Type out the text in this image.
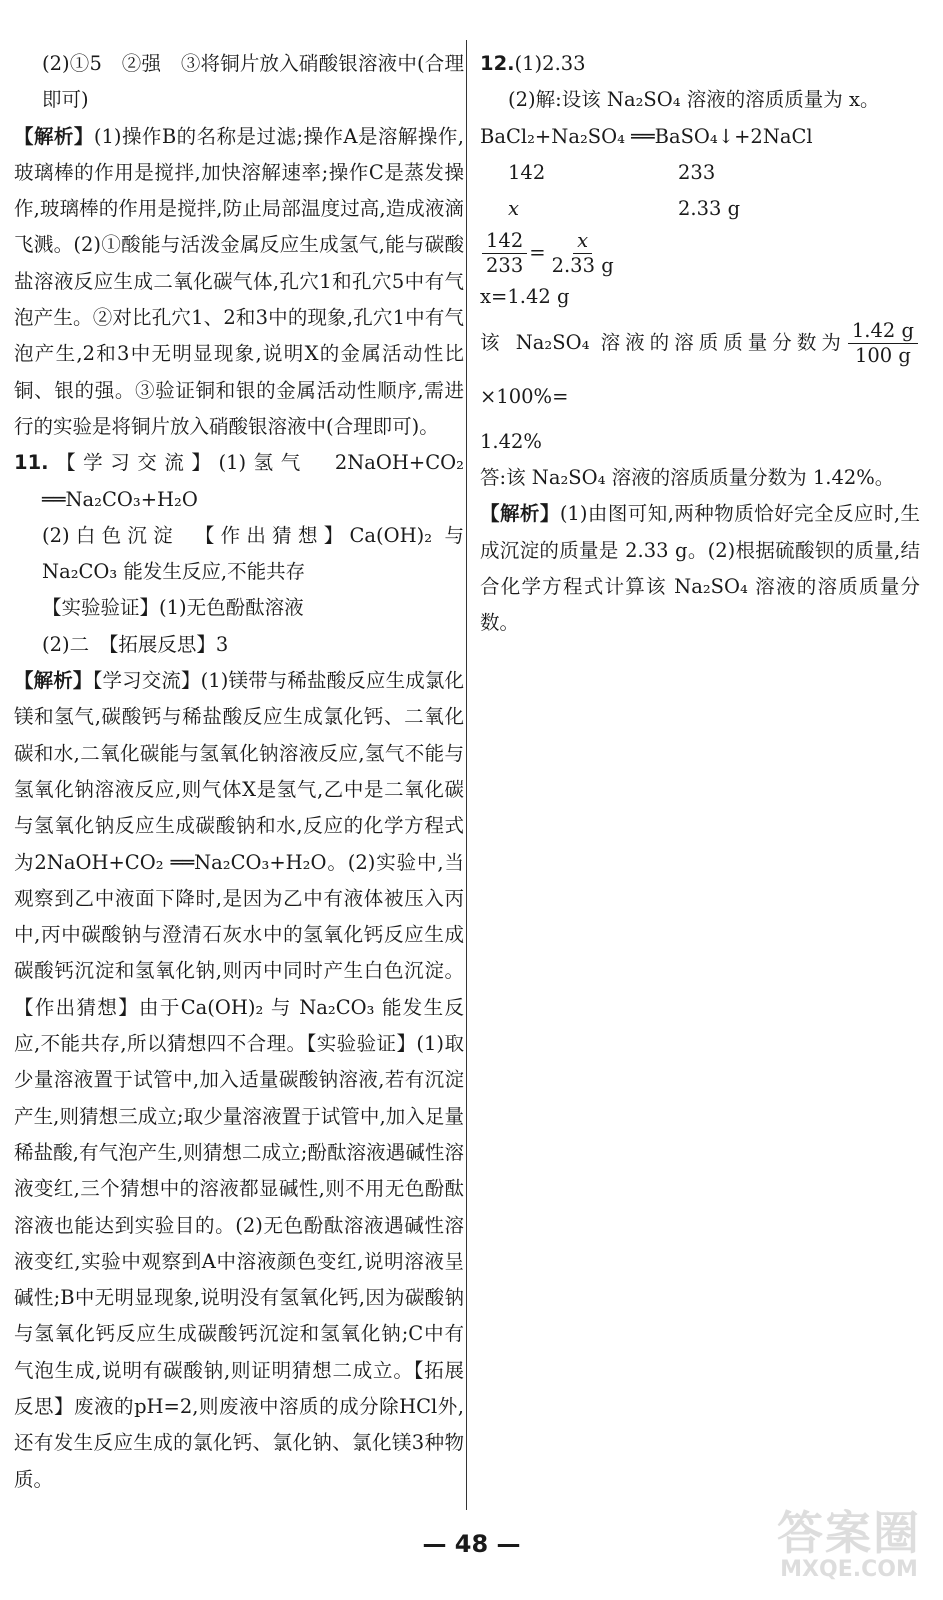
(2)①5　②强　③将铜片放入硝酸银溶液中(合理即可)

【解析】(1)操作B的名称是过滤;操作A是溶解操作,玻璃棒的作用是搅拌,加快溶解速率;操作C是蒸发操作,玻璃棒的作用是搅拌,防止局部温度过高,造成液滴飞溅。(2)①酸能与活泼金属反应生成氢气,能与碳酸盐溶液反应生成二氧化碳气体,孔穴1和孔穴5中有气泡产生。②对比孔穴1、2和3中的现象,孔穴1中有气泡产生,2和3中无明显现象,说明X的金属活动性比铜、银的强。③验证铜和银的金属活动性顺序,需进行的实验是将铜片放入硝酸银溶液中(合理即可)。

11.【学习交流】(1)氢气　2NaOH+CO₂ ══Na₂CO₃+H₂O

(2)白色沉淀　【作出猜想】Ca(OH)₂ 与 Na₂CO₃ 能发生反应,不能共存

【实验验证】(1)无色酚酞溶液

(2)二　【拓展反思】3

【解析】【学习交流】(1)镁带与稀盐酸反应生成氯化镁和氢气,碳酸钙与稀盐酸反应生成氯化钙、二氧化碳和水,二氧化碳能与氢氧化钠溶液反应,氢气不能与氢氧化钠溶液反应,则气体X是氢气,乙中是二氧化碳与氢氧化钠反应生成碳酸钠和水,反应的化学方程式为2NaOH+CO₂ ══Na₂CO₃+H₂O。(2)实验中,当观察到乙中液面下降时,是因为乙中有液体被压入丙中,丙中碳酸钠与澄清石灰水中的氢氧化钙反应生成碳酸钙沉淀和氢氧化钠,则丙中同时产生白色沉淀。【作出猜想】由于Ca(OH)₂ 与 Na₂CO₃ 能发生反应,不能共存,所以猜想四不合理。【实验验证】(1)取少量溶液置于试管中,加入适量碳酸钠溶液,若有沉淀产生,则猜想三成立;取少量溶液置于试管中,加入足量稀盐酸,有气泡产生,则猜想二成立;酚酞溶液遇碱性溶液变红,三个猜想中的溶液都显碱性,则不用无色酚酞溶液也能达到实验目的。(2)无色酚酞溶液遇碱性溶液变红,实验中观察到A中溶液颜色变红,说明溶液呈碱性;B中无明显现象,说明没有氢氧化钙,因为碳酸钠与氢氧化钙反应生成碳酸钙沉淀和氢氧化钠;C中有气泡生成,说明有碳酸钠,则证明猜想二成立。【拓展反思】废液的pH=2,则废液中溶质的成分除HCl外,还有发生反应生成的氯化钙、氯化钠、氯化镁3种物质。

12.(1)2.33

(2)解:设该 Na₂SO₄ 溶液的溶质质量为 x。

BaCl₂+Na₂SO₄ ══BaSO₄↓+2NaCl

142	233
x	2.33 g

$\frac{142}{233} = \frac{x}{2.33 g}$

x=1.42 g

该 Na₂SO₄ 溶液的溶质质量分数为 $\frac{1.42 g}{100 g}$
×100%=

1.42%

答:该 Na₂SO₄ 溶液的溶质质量分数为 1.42%。

【解析】(1)由图可知,两种物质恰好完全反应时,生成沉淀的质量是 2.33 g。(2)根据硫酸钡的质量,结合化学方程式计算该 Na₂SO₄ 溶液的溶质质量分数。

— 48 —	答案圈
MXQE.COM
